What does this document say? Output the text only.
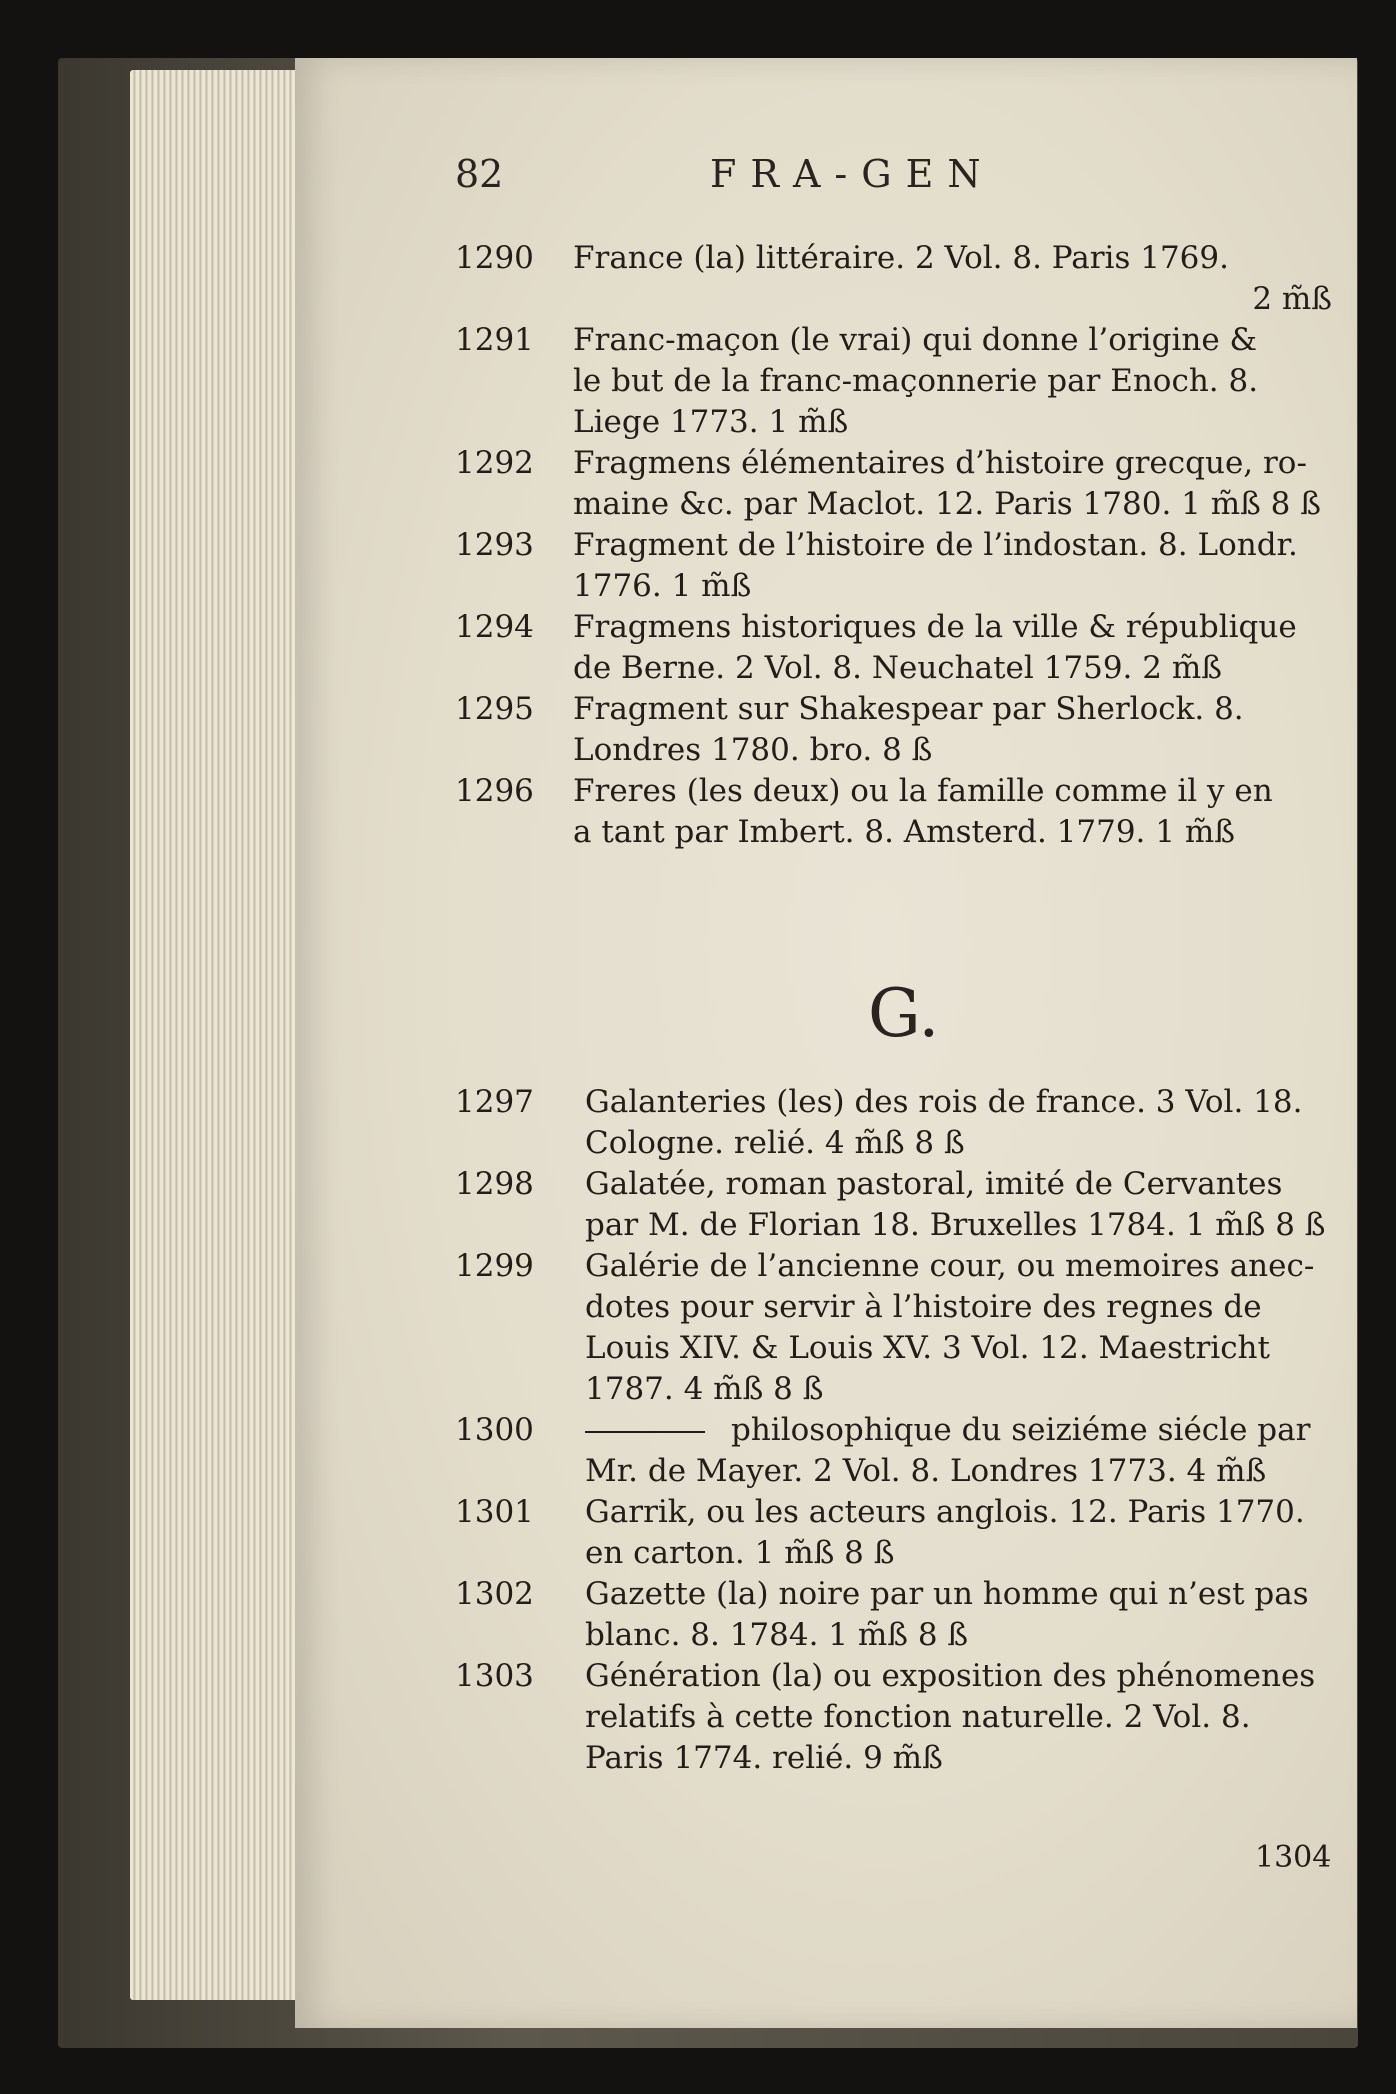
82	FRA-GEN
1290	France (la) littéraire. 2 Vol. 8. Paris 1769.
2 m̃ß
1291	Franc-maçon (le vrai) qui donne l’origine &
le but de la franc-maçonnerie par Enoch. 8.
Liege 1773. 1 m̃ß
1292	Fragmens élémentaires d’histoire grecque, ro-
maine &c. par Maclot. 12. Paris 1780. 1 m̃ß 8 ß
1293	Fragment de l’histoire de l’indostan. 8. Londr.
1776. 1 m̃ß
1294	Fragmens historiques de la ville & république
de Berne. 2 Vol. 8. Neuchatel 1759. 2 m̃ß
1295	Fragment sur Shakespear par Sherlock. 8.
Londres 1780. bro. 8 ß
1296	Freres (les deux) ou la famille comme il y en
a tant par Imbert. 8. Amsterd. 1779. 1 m̃ß
G.
1297	Galanteries (les) des rois de france. 3 Vol. 18.
Cologne. relié. 4 m̃ß 8 ß
1298	Galatée, roman pastoral, imité de Cervantes
par M. de Florian 18. Bruxelles 1784. 1 m̃ß 8 ß
1299	Galérie de l’ancienne cour, ou memoires anec-
dotes pour servir à l’histoire des regnes de
Louis XIV. & Louis XV. 3 Vol. 12. Maestricht
1787. 4 m̃ß 8 ß
1300	philosophique du seiziéme siécle par
Mr. de Mayer. 2 Vol. 8. Londres 1773. 4 m̃ß
1301	Garrik, ou les acteurs anglois. 12. Paris 1770.
en carton. 1 m̃ß 8 ß
1302	Gazette (la) noire par un homme qui n’est pas
blanc. 8. 1784. 1 m̃ß 8 ß
1303	Génération (la) ou exposition des phénomenes
relatifs à cette fonction naturelle. 2 Vol. 8.
Paris 1774. relié. 9 m̃ß
1304
